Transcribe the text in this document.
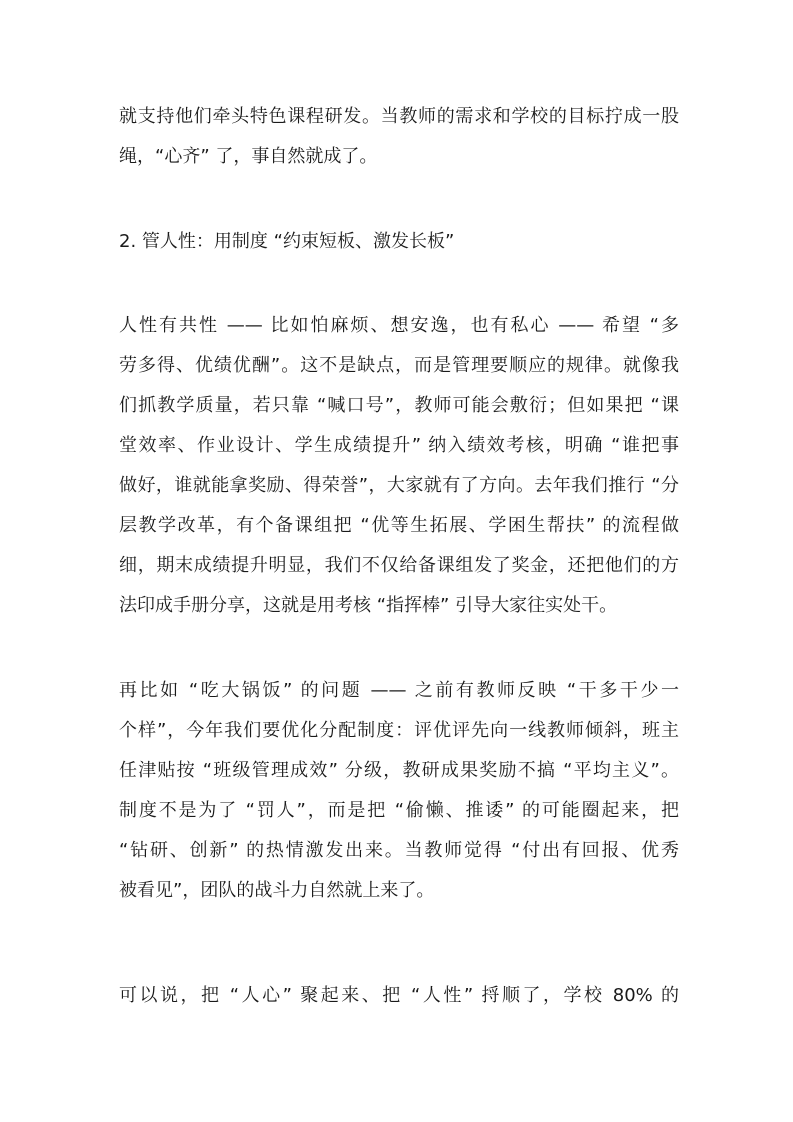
就支持他们牵头特色课程研发。当教师的需求和学校的目标拧成一股
绳，“心齐” 了，事自然就成了。
2. 管人性：用制度 “约束短板、激发长板”
人性有共性 —— 比如怕麻烦、想安逸，也有私心 —— 希望 “多
劳多得、优绩优酬”。这不是缺点，而是管理要顺应的规律。就像我
们抓教学质量，若只靠 “喊口号”，教师可能会敷衍；但如果把 “课
堂效率、作业设计、学生成绩提升” 纳入绩效考核，明确 “谁把事
做好，谁就能拿奖励、得荣誉”，大家就有了方向。去年我们推行 “分
层教学改革，有个备课组把 “优等生拓展、学困生帮扶” 的流程做
细，期末成绩提升明显，我们不仅给备课组发了奖金，还把他们的方
法印成手册分享，这就是用考核 “指挥棒” 引导大家往实处干。
再比如 “吃大锅饭” 的问题 —— 之前有教师反映 “干多干少一
个样”，今年我们要优化分配制度：评优评先向一线教师倾斜，班主
任津贴按 “班级管理成效” 分级，教研成果奖励不搞 “平均主义”。
制度不是为了 “罚人”，而是把 “偷懒、推诿” 的可能圈起来，把
“钻研、创新” 的热情激发出来。当教师觉得 “付出有回报、优秀
被看见”，团队的战斗力自然就上来了。
可以说，把 “人心” 聚起来、把 “人性” 捋顺了，学校 80% 的
